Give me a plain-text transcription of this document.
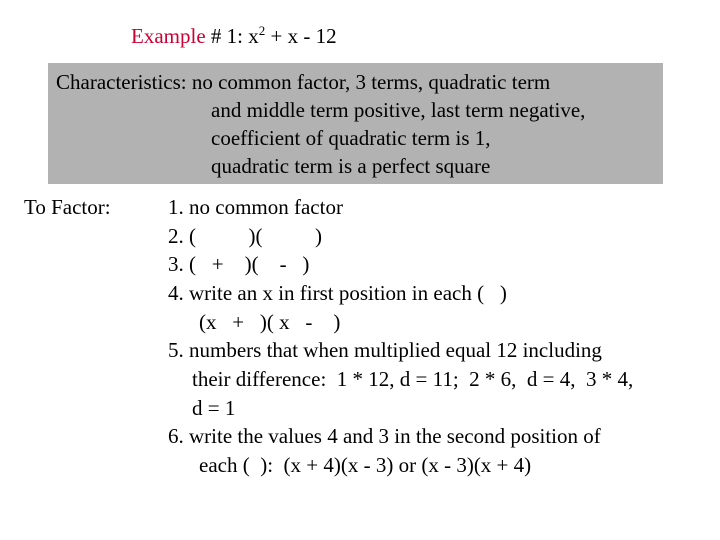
Example # 1: $x^2 + x - 12$
Characteristics: no common factor, 3 terms, quadratic term
and middle term positive, last term negative,
coefficient of quadratic term is 1,
quadratic term is a perfect square
To Factor:	1. no common factor
2. (          )(          )
3. (   +    )(    -   )
4. write an x in first position in each (   )
(x   +   )( x   -    )
5. numbers that when multiplied equal 12 including
their difference:  1 * 12, d = 11;  2 * 6,  d = 4,  3 * 4,
d = 1
6. write the values 4 and 3 in the second position of
each (  ):  (x + 4)(x - 3) or (x - 3)(x + 4)
